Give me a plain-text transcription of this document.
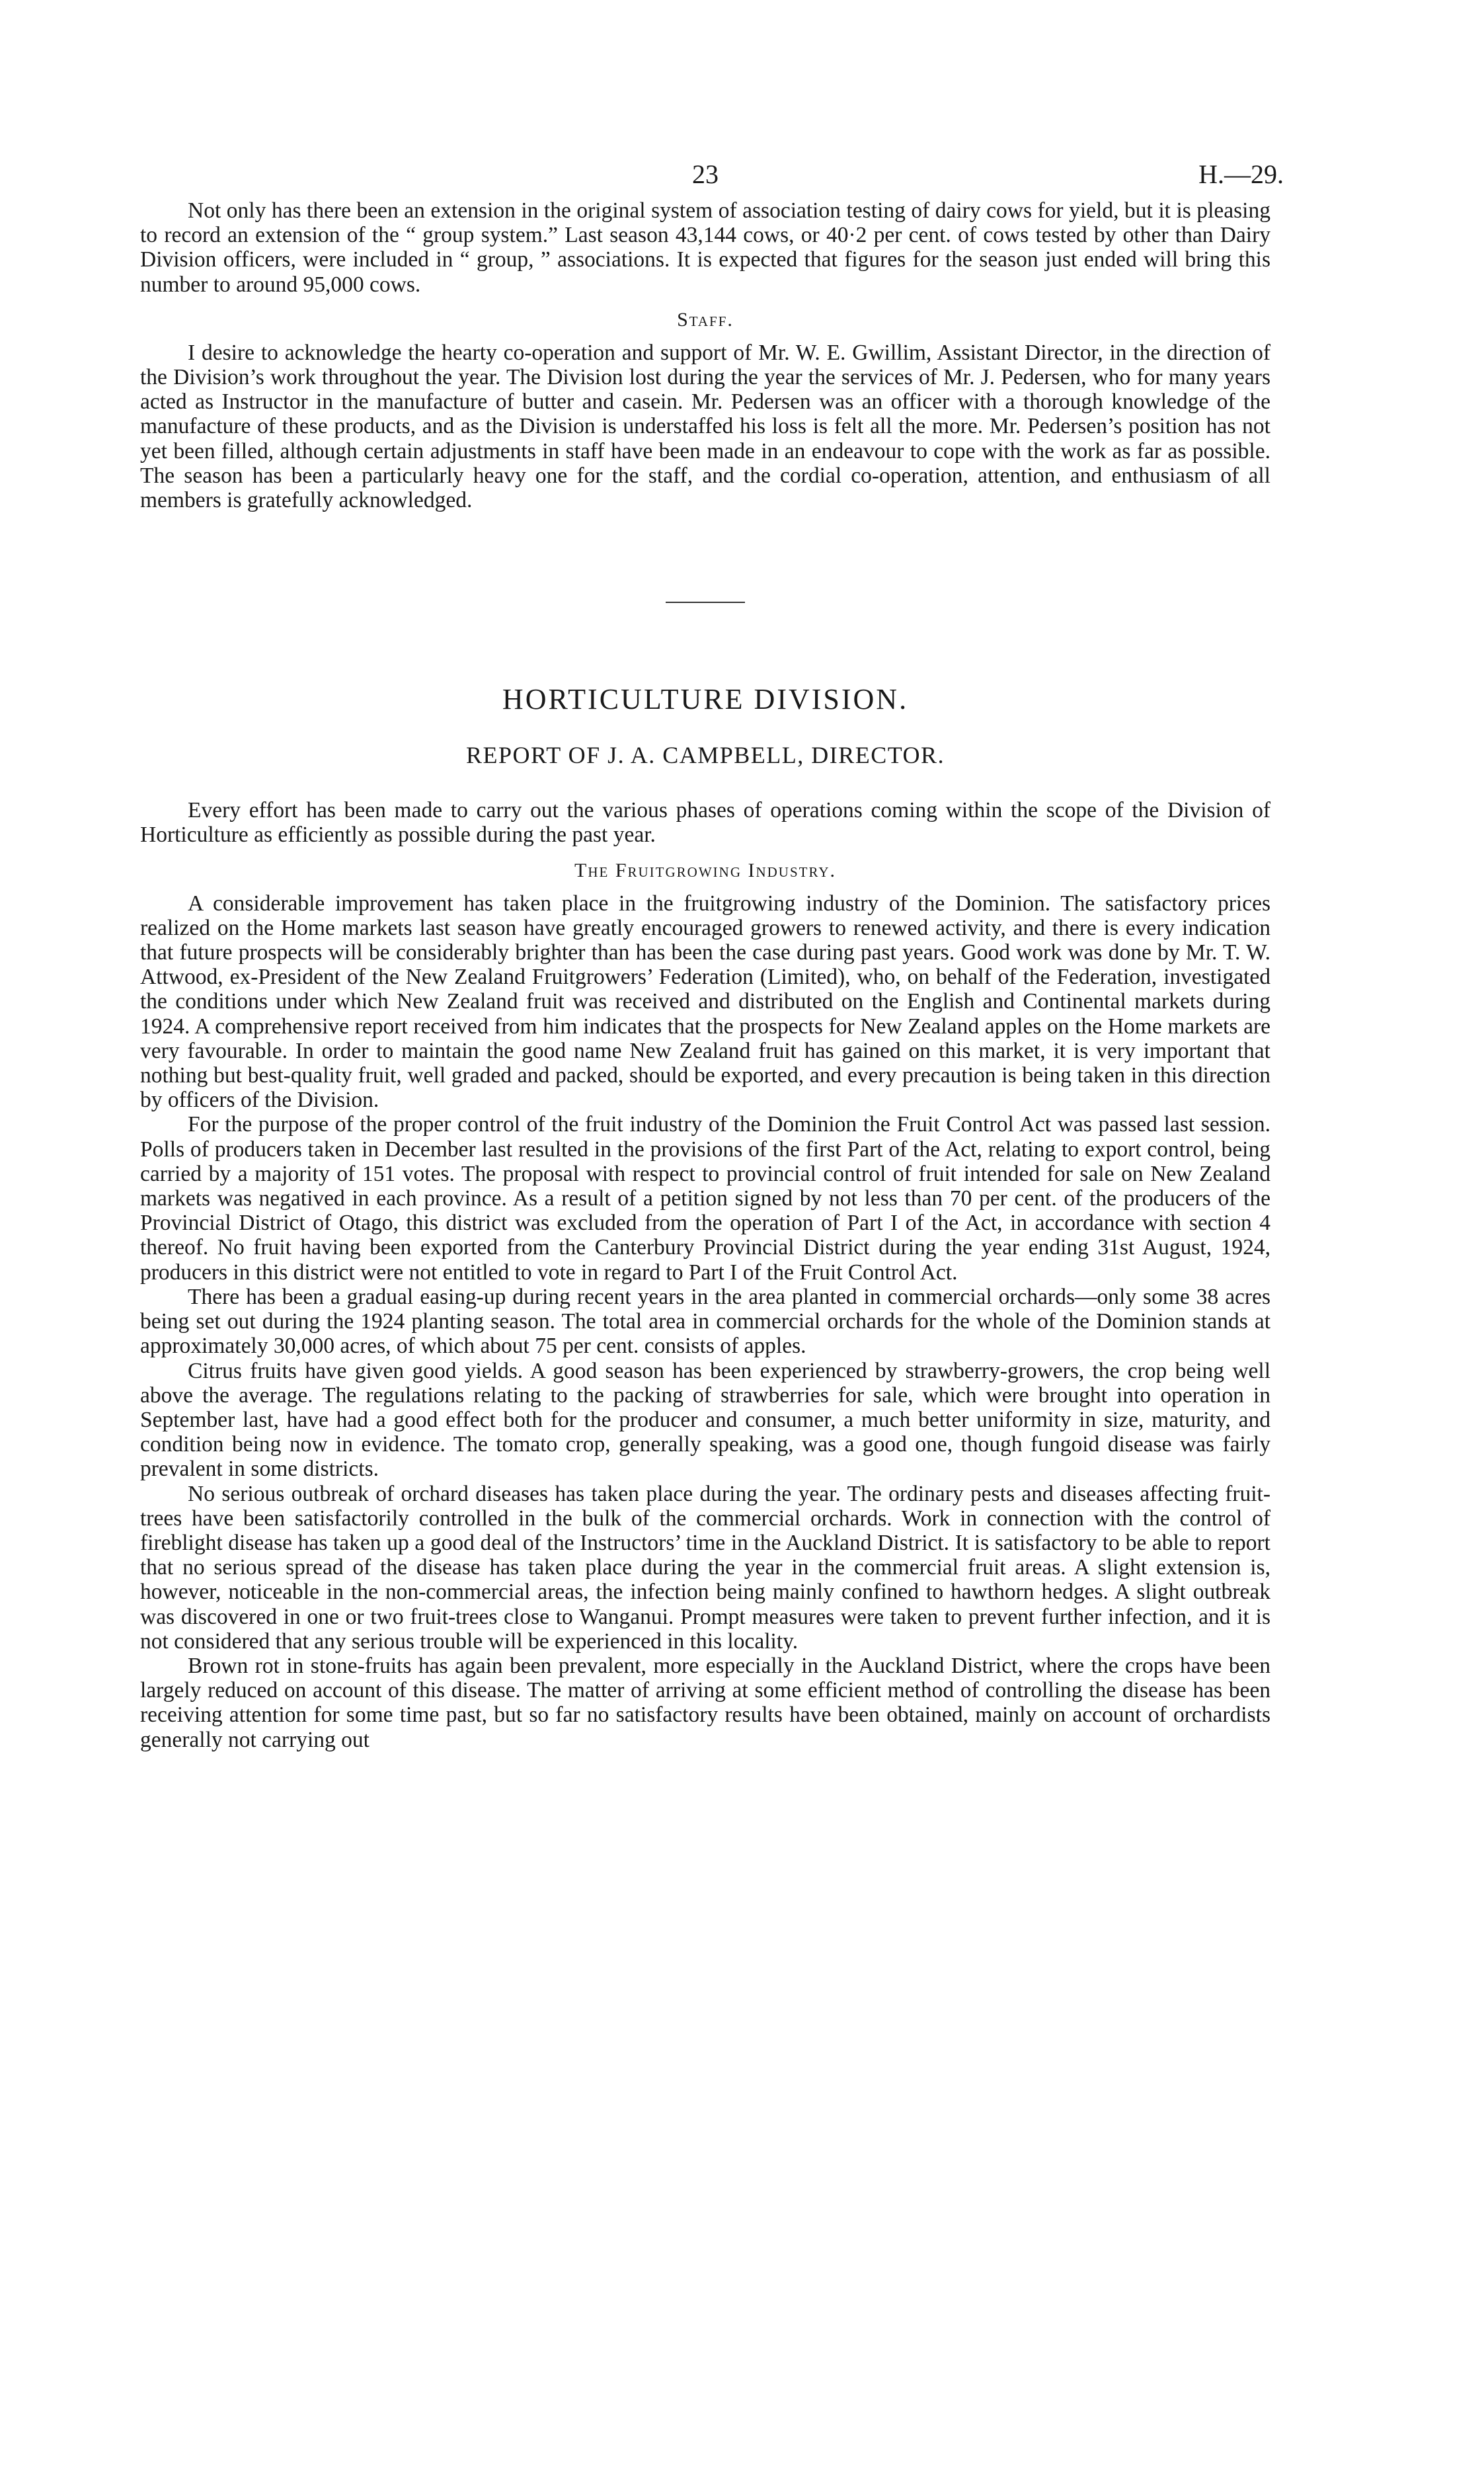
23	H.—29.

Not only has there been an extension in the original system of association testing of dairy cows for yield, but it is pleasing to record an extension of the “ group system.” Last season 43,144 cows, or 40·2 per cent. of cows tested by other than Dairy Division officers, were included in “ group, ” associations. It is expected that figures for the season just ended will bring this number to around 95,000 cows.

Staff.

I desire to acknowledge the hearty co-operation and support of Mr. W. E. Gwillim, Assistant Director, in the direction of the Division’s work throughout the year. The Division lost during the year the services of Mr. J. Pedersen, who for many years acted as Instructor in the manufacture of butter and casein. Mr. Pedersen was an officer with a thorough knowledge of the manufacture of these products, and as the Division is understaffed his loss is felt all the more. Mr. Pedersen’s position has not yet been filled, although certain adjustments in staff have been made in an endeavour to cope with the work as far as possible. The season has been a particularly heavy one for the staff, and the cordial co-operation, attention, and enthusiasm of all members is gratefully acknowledged.

HORTICULTURE DIVISION.
REPORT OF J. A. CAMPBELL, DIRECTOR.

Every effort has been made to carry out the various phases of operations coming within the scope of the Division of Horticulture as efficiently as possible during the past year.

The Fruitgrowing Industry.

A considerable improvement has taken place in the fruitgrowing industry of the Dominion. The satisfactory prices realized on the Home markets last season have greatly encouraged growers to renewed activity, and there is every indication that future prospects will be considerably brighter than has been the case during past years. Good work was done by Mr. T. W. Attwood, ex-President of the New Zealand Fruitgrowers’ Federation (Limited), who, on behalf of the Federation, investigated the conditions under which New Zealand fruit was received and distributed on the English and Continental markets during 1924. A comprehensive report received from him indicates that the prospects for New Zealand apples on the Home markets are very favourable. In order to maintain the good name New Zealand fruit has gained on this market, it is very important that nothing but best-quality fruit, well graded and packed, should be exported, and every precaution is being taken in this direction by officers of the Division.

For the purpose of the proper control of the fruit industry of the Dominion the Fruit Control Act was passed last session. Polls of producers taken in December last resulted in the provisions of the first Part of the Act, relating to export control, being carried by a majority of 151 votes. The proposal with respect to provincial control of fruit intended for sale on New Zealand markets was negatived in each province. As a result of a petition signed by not less than 70 per cent. of the producers of the Provincial District of Otago, this district was excluded from the operation of Part I of the Act, in accordance with section 4 thereof. No fruit having been exported from the Canterbury Provincial District during the year ending 31st August, 1924, producers in this district were not entitled to vote in regard to Part I of the Fruit Control Act.

There has been a gradual easing-up during recent years in the area planted in commercial orchards—only some 38 acres being set out during the 1924 planting season. The total area in commercial orchards for the whole of the Dominion stands at approximately 30,000 acres, of which about 75 per cent. consists of apples.

Citrus fruits have given good yields. A good season has been experienced by strawberry-growers, the crop being well above the average. The regulations relating to the packing of strawberries for sale, which were brought into operation in September last, have had a good effect both for the producer and consumer, a much better uniformity in size, maturity, and condition being now in evidence. The tomato crop, generally speaking, was a good one, though fungoid disease was fairly prevalent in some districts.

No serious outbreak of orchard diseases has taken place during the year. The ordinary pests and diseases affecting fruit-trees have been satisfactorily controlled in the bulk of the commercial orchards. Work in connection with the control of fireblight disease has taken up a good deal of the Instructors’ time in the Auckland District. It is satisfactory to be able to report that no serious spread of the disease has taken place during the year in the commercial fruit areas. A slight extension is, however, noticeable in the non-commercial areas, the infection being mainly confined to hawthorn hedges. A slight outbreak was discovered in one or two fruit-trees close to Wanganui. Prompt measures were taken to prevent further infection, and it is not considered that any serious trouble will be experienced in this locality.

Brown rot in stone-fruits has again been prevalent, more especially in the Auckland District, where the crops have been largely reduced on account of this disease. The matter of arriving at some efficient method of controlling the disease has been receiving attention for some time past, but so far no satisfactory results have been obtained, mainly on account of orchardists generally not carrying out
